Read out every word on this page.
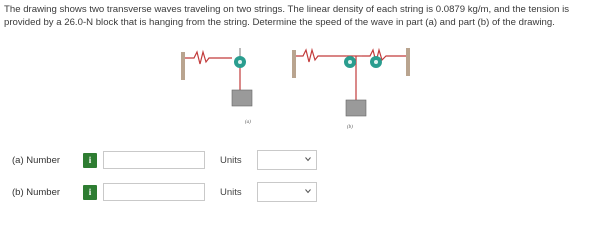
The drawing shows two transverse waves traveling on two strings. The linear density of each string is 0.0879 kg/m, and the tension is provided by a 26.0-N block that is hanging from the string. Determine the speed of the wave in part (a) and part (b) of the drawing.
(a)
(b)
(a) Number	i	Units
(b) Number	i	Units
